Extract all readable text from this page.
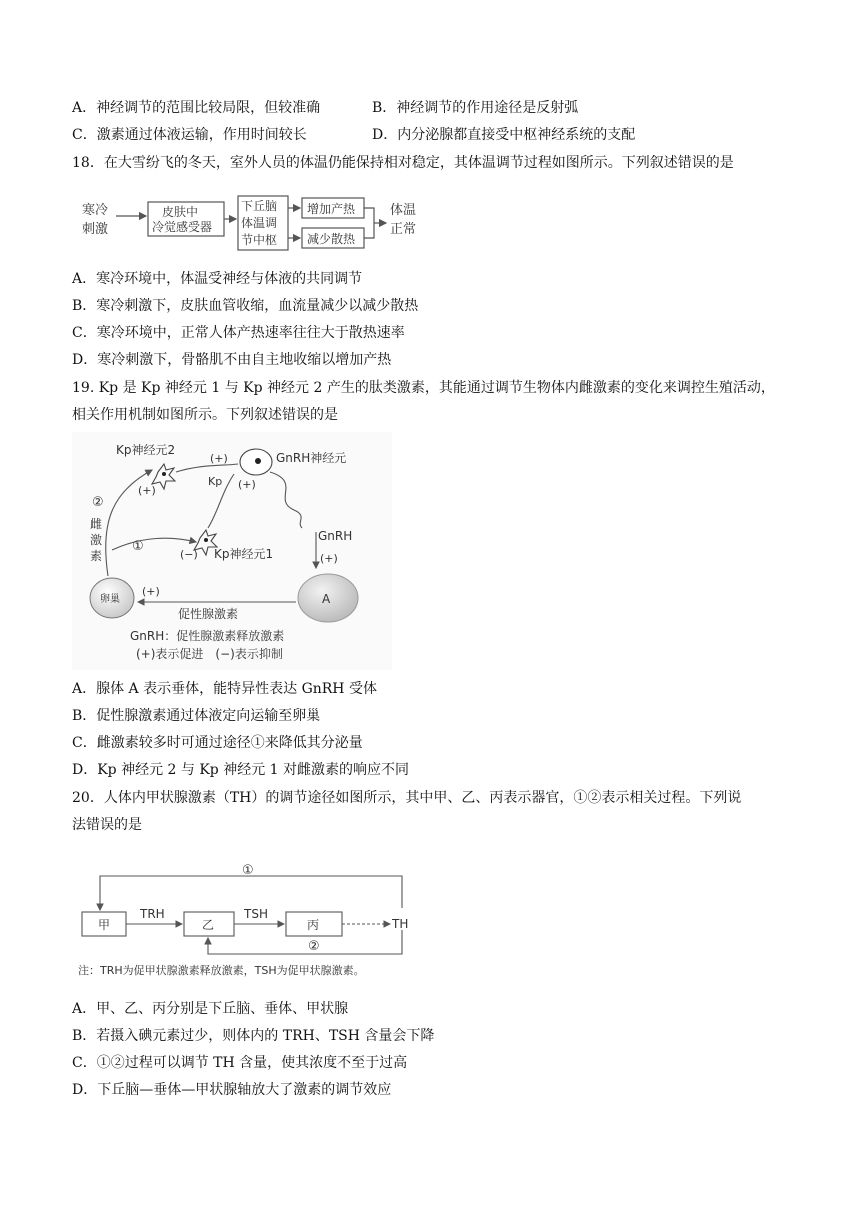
A．神经调节的范围比较局限，但较准确	B．神经调节的作用途径是反射弧
C．激素通过体液运输，作用时间较长	D．内分泌腺都直接受中枢神经系统的支配
18．在大雪纷飞的冬天，室外人员的体温仍能保持相对稳定，其体温调节过程如图所示。下列叙述错误的是
寒冷
刺激
皮肤中
冷觉感受器
下丘脑
体温调
节中枢
增加产热
减少散热
体温
正常
A．寒冷环境中，体温受神经与体液的共同调节
B．寒冷刺激下，皮肤血管收缩，血流量减少以减少散热
C．寒冷环境中，正常人体产热速率往往大于散热速率
D．寒冷刺激下，骨骼肌不由自主地收缩以增加产热
19. Kp 是 Kp 神经元 1 与 Kp 神经元 2 产生的肽类激素，其能通过调节生物体内雌激素的变化来调控生殖活动，
相关作用机制如图所示。下列叙述错误的是
Kp神经元2
(+)
(+)
Kp
GnRH神经元
(+)
GnRH
(+)
A
卵巢
(+)
促性腺激素
②
雌
激
素
①
(−) Kp神经元1
GnRH：促性腺激素释放激素
(+)表示促进　(−)表示抑制
A．腺体 A 表示垂体，能特异性表达 GnRH 受体
B．促性腺激素通过体液定向运输至卵巢
C．雌激素较多时可通过途径①来降低其分泌量
D．Kp 神经元 2 与 Kp 神经元 1 对雌激素的响应不同
20．人体内甲状腺激素（TH）的调节途径如图所示，其中甲、乙、丙表示器官，①②表示相关过程。下列说
法错误的是
①
甲
TRH
乙
TSH
丙	TH
②
注：TRH为促甲状腺激素释放激素，TSH为促甲状腺激素。
A．甲、乙、丙分别是下丘脑、垂体、甲状腺
B．若摄入碘元素过少，则体内的 TRH、TSH 含量会下降
C．①②过程可以调节 TH 含量，使其浓度不至于过高
D．下丘脑—垂体—甲状腺轴放大了激素的调节效应
